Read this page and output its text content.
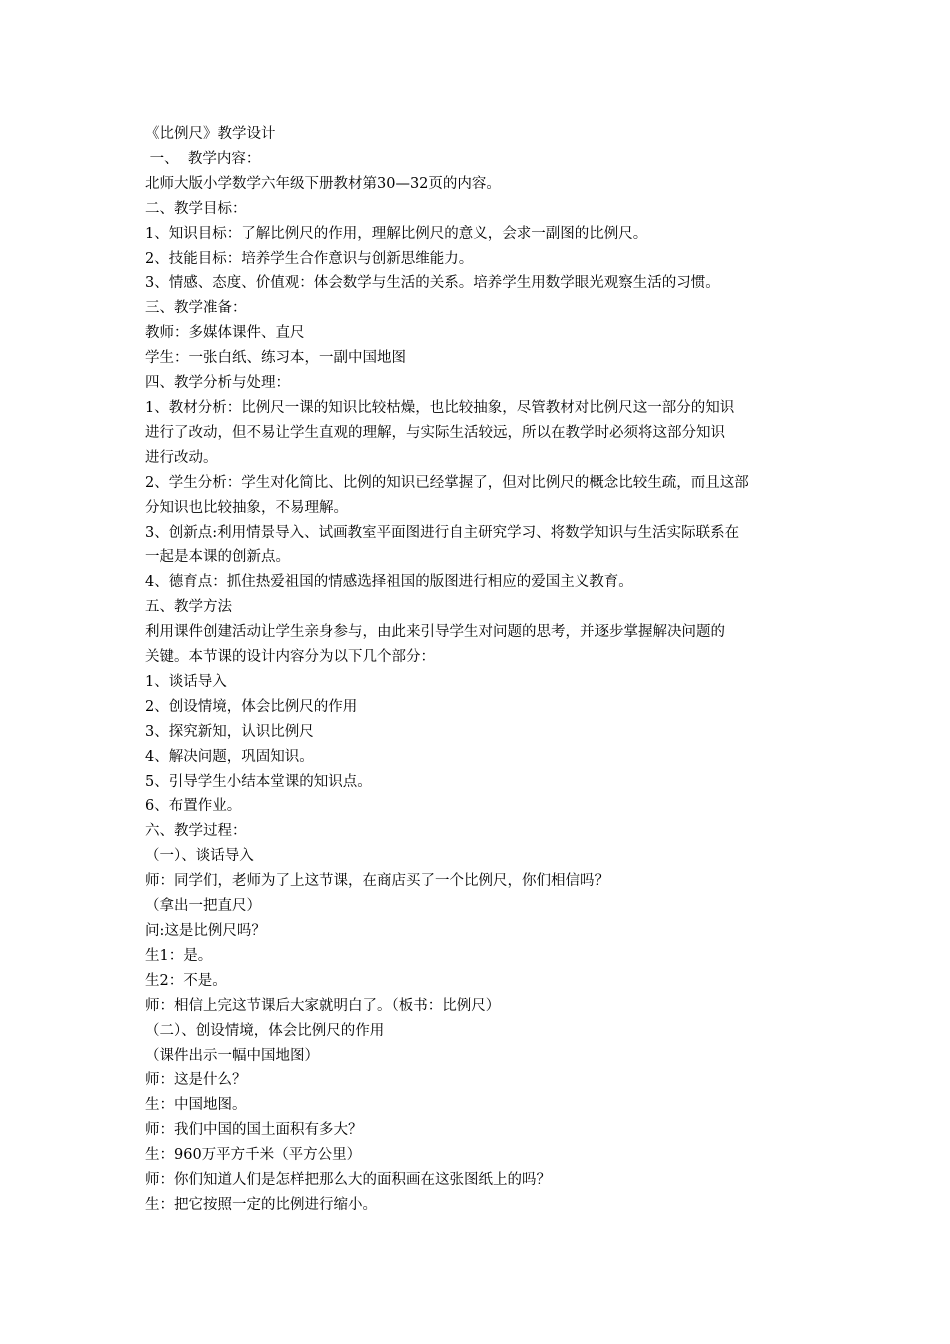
《比例尺》教学设计
一、  教学内容：
北师大版小学数学六年级下册教材第30—32页的内容。
二、教学目标：
1、知识目标：了解比例尺的作用，理解比例尺的意义，会求一副图的比例尺。
2、技能目标：培养学生合作意识与创新思维能力。
3、情感、态度、价值观：体会数学与生活的关系。培养学生用数学眼光观察生活的习惯。
三、教学准备：
教师：多媒体课件、直尺
学生：一张白纸、练习本，一副中国地图
四、教学分析与处理：
1、教材分析：比例尺一课的知识比较枯燥，也比较抽象，尽管教材对比例尺这一部分的知识
进行了改动，但不易让学生直观的理解，与实际生活较远，所以在教学时必须将这部分知识
进行改动。
2、学生分析：学生对化简比、比例的知识已经掌握了，但对比例尺的概念比较生疏，而且这部
分知识也比较抽象，不易理解。
3、创新点:利用情景导入、试画教室平面图进行自主研究学习、将数学知识与生活实际联系在
一起是本课的创新点。
4、德育点：抓住热爱祖国的情感选择祖国的版图进行相应的爱国主义教育。
五、教学方法
利用课件创建活动让学生亲身参与，由此来引导学生对问题的思考，并逐步掌握解决问题的
关键。本节课的设计内容分为以下几个部分：
1、谈话导入
2、创设情境，体会比例尺的作用
3、探究新知，认识比例尺
4、解决问题，巩固知识。
5、引导学生小结本堂课的知识点。
6、布置作业。
六、教学过程：
（一）、谈话导入
师：同学们，老师为了上这节课，在商店买了一个比例尺，你们相信吗？
（拿出一把直尺）
问:这是比例尺吗？
生1：是。
生2：不是。
师：相信上完这节课后大家就明白了。（板书：比例尺）
（二）、创设情境，体会比例尺的作用
（课件出示一幅中国地图）
师：这是什么？
生：中国地图。
师：我们中国的国土面积有多大？
生：960万平方千米（平方公里）
师：你们知道人们是怎样把那么大的面积画在这张图纸上的吗？
生：把它按照一定的比例进行缩小。
